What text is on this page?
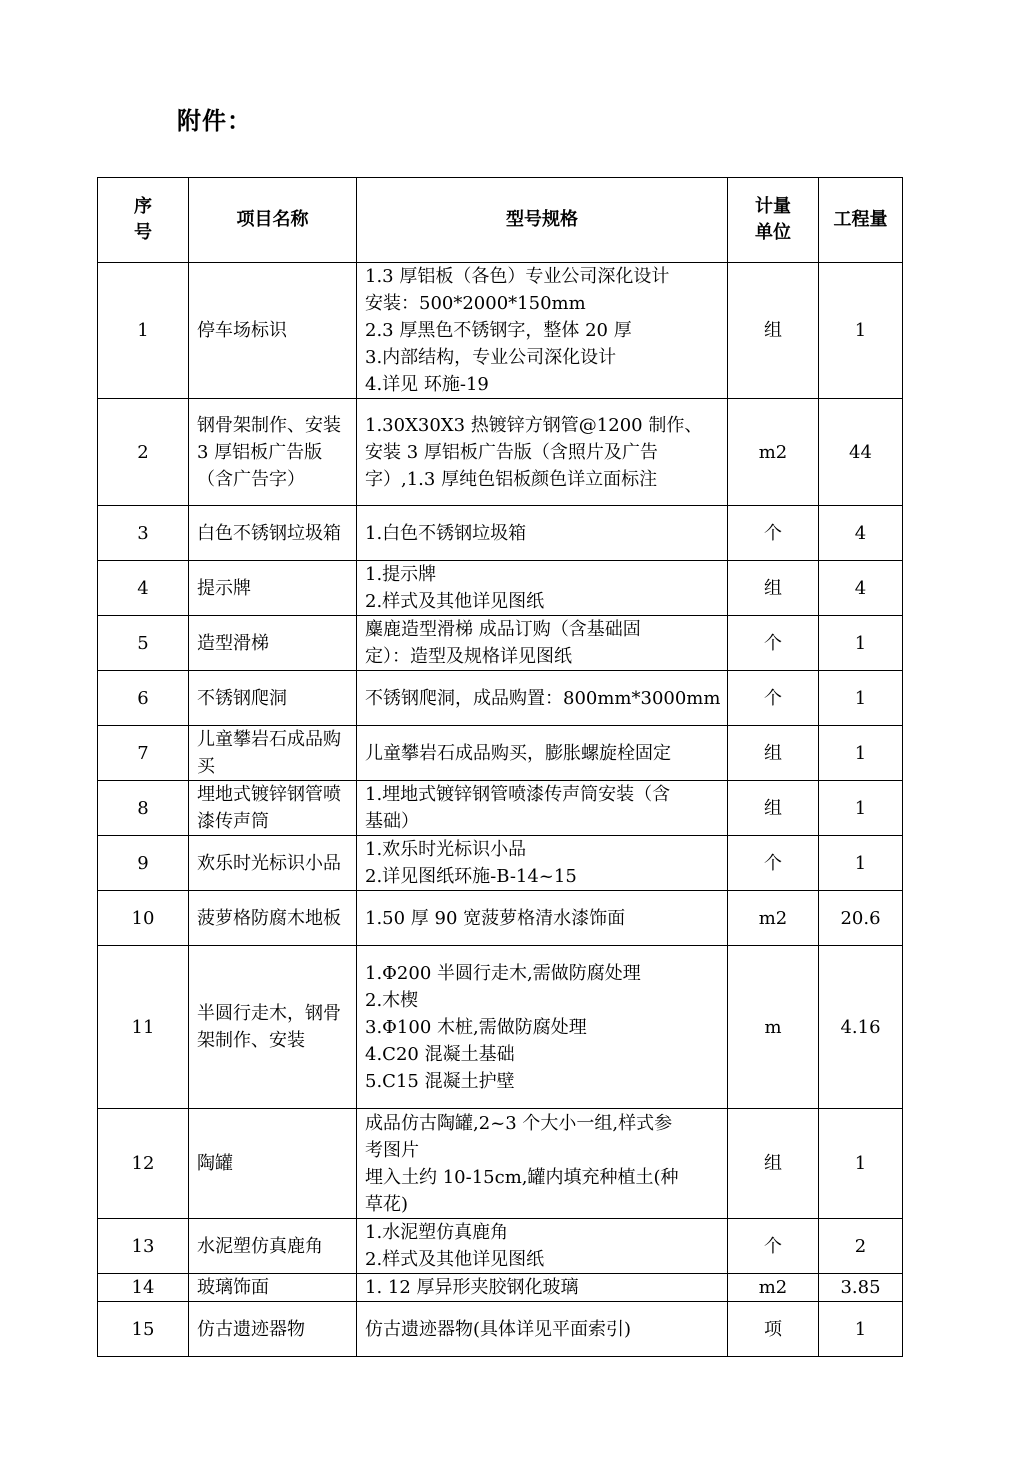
附件：
序
号	项目名称	型号规格	计量
单位	工程量
1	停车场标识	1.3 厚铝板（各色）专业公司深化设计
安装：500*2000*150mm
2.3 厚黑色不锈钢字，整体 20 厚
3.内部结构，专业公司深化设计
4.详见 环施-19	组	1
2	钢骨架制作、安装 3 厚铝板广告版（含广告字）	1.30X30X3 热镀锌方钢管@1200 制作、
安装 3 厚铝板广告版（含照片及广告
字）,1.3 厚纯色铝板颜色详立面标注	m2	44
3	白色不锈钢垃圾箱	1.白色不锈钢垃圾箱	个	4
4	提示牌	1.提示牌
2.样式及其他详见图纸	组	4
5	造型滑梯	麋鹿造型滑梯 成品订购（含基础固
定）：造型及规格详见图纸	个	1
6	不锈钢爬洞	不锈钢爬洞，成品购置：800mm*3000mm	个	1
7	儿童攀岩石成品购买	儿童攀岩石成品购买，膨胀螺旋栓固定	组	1
8	埋地式镀锌钢管喷漆传声筒	1.埋地式镀锌钢管喷漆传声筒安装（含
基础）	组	1
9	欢乐时光标识小品	1.欢乐时光标识小品
2.详见图纸环施-B-14~15	个	1
10	菠萝格防腐木地板	1.50 厚 90 宽菠萝格清水漆饰面	m2	20.6
11	半圆行走木，钢骨架制作、安装	1.Φ200 半圆行走木,需做防腐处理
2.木楔
3.Φ100 木桩,需做防腐处理
4.C20 混凝土基础
5.C15 混凝土护壁	m	4.16
12	陶罐	成品仿古陶罐,2~3 个大小一组,样式参
考图片
埋入土约 10-15cm,罐内填充种植土(种
草花)	组	1
13	水泥塑仿真鹿角	1.水泥塑仿真鹿角
2.样式及其他详见图纸	个	2
14	玻璃饰面	1. 12 厚异形夹胶钢化玻璃	m2	3.85
15	仿古遗迹器物	仿古遗迹器物(具体详见平面索引)	项	1
